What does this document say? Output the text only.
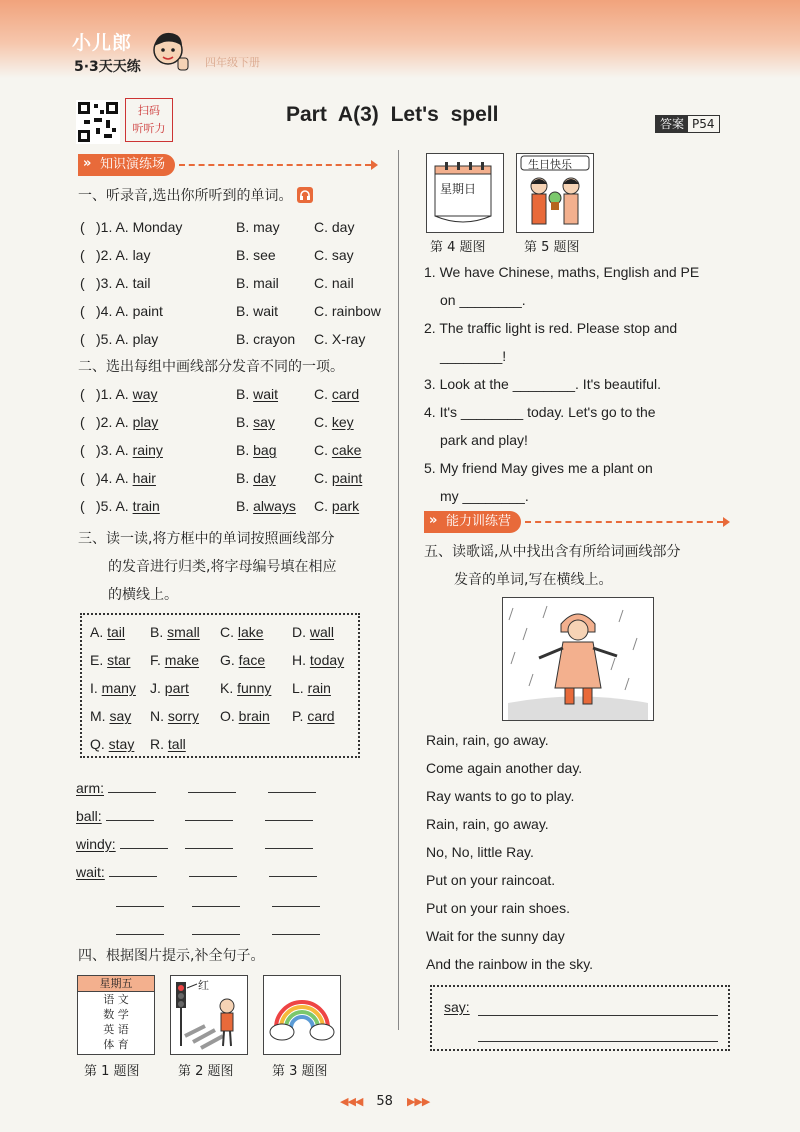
小儿郎
5·3天天练	四年级下册
扫码
听听力
Part A(3) Let's spell	答案 P54
» 知识演练场
一、听录音,选出你所听到的单词。
( )1. A. Monday	B. may	C. day
( )2. A. lay	B. see	C. say
( )3. A. tail	B. mail	C. nail
( )4. A. paint	B. wait	C. rainbow
( )5. A. play	B. crayon	C. X-ray
二、选出每组中画线部分发音不同的一项。
( )1. A. way	B. wait	C. card
( )2. A. play	B. say	C. key
( )3. A. rainy	B. bag	C. cake
( )4. A. hair	B. day	C. paint
( )5. A. train	B. always	C. park
三、读一读,将方框中的单词按照画线部分
的发音进行归类,将字母编号填在相应
的横线上。
A. tail	B. small	C. lake	D. wall
E. star	F. make	G. face	H. today
I. many	J. part	K. funny	L. rain
M. say	N. sorry	O. brain	P. card
Q. stay	R. tall
arm:
ball:
windy:
wait:
四、根据图片提示,补全句子。
星期五
语 文
数 学
英 语
体 育
红
第 1 题图	第 2 题图	第 3 题图
星期日
生日快乐
第 4 题图	第 5 题图
1. We have Chinese, maths, English and PE
on ________.
2. The traffic light is red. Please stop and
________!
3. Look at the ________. It's beautiful.
4. It's ________ today. Let's go to the
park and play!
5. My friend May gives me a plant on
my ________.
» 能力训练营
五、读歌谣,从中找出含有所给词画线部分
发音的单词,写在横线上。
Rain, rain, go away.
Come again another day.
Ray wants to go to play.
Rain, rain, go away.
No, No, little Ray.
Put on your raincoat.
Put on your rain shoes.
Wait for the sunny day
And the rainbow in the sky.
say:
◀◀◀ 58 ▶▶▶
